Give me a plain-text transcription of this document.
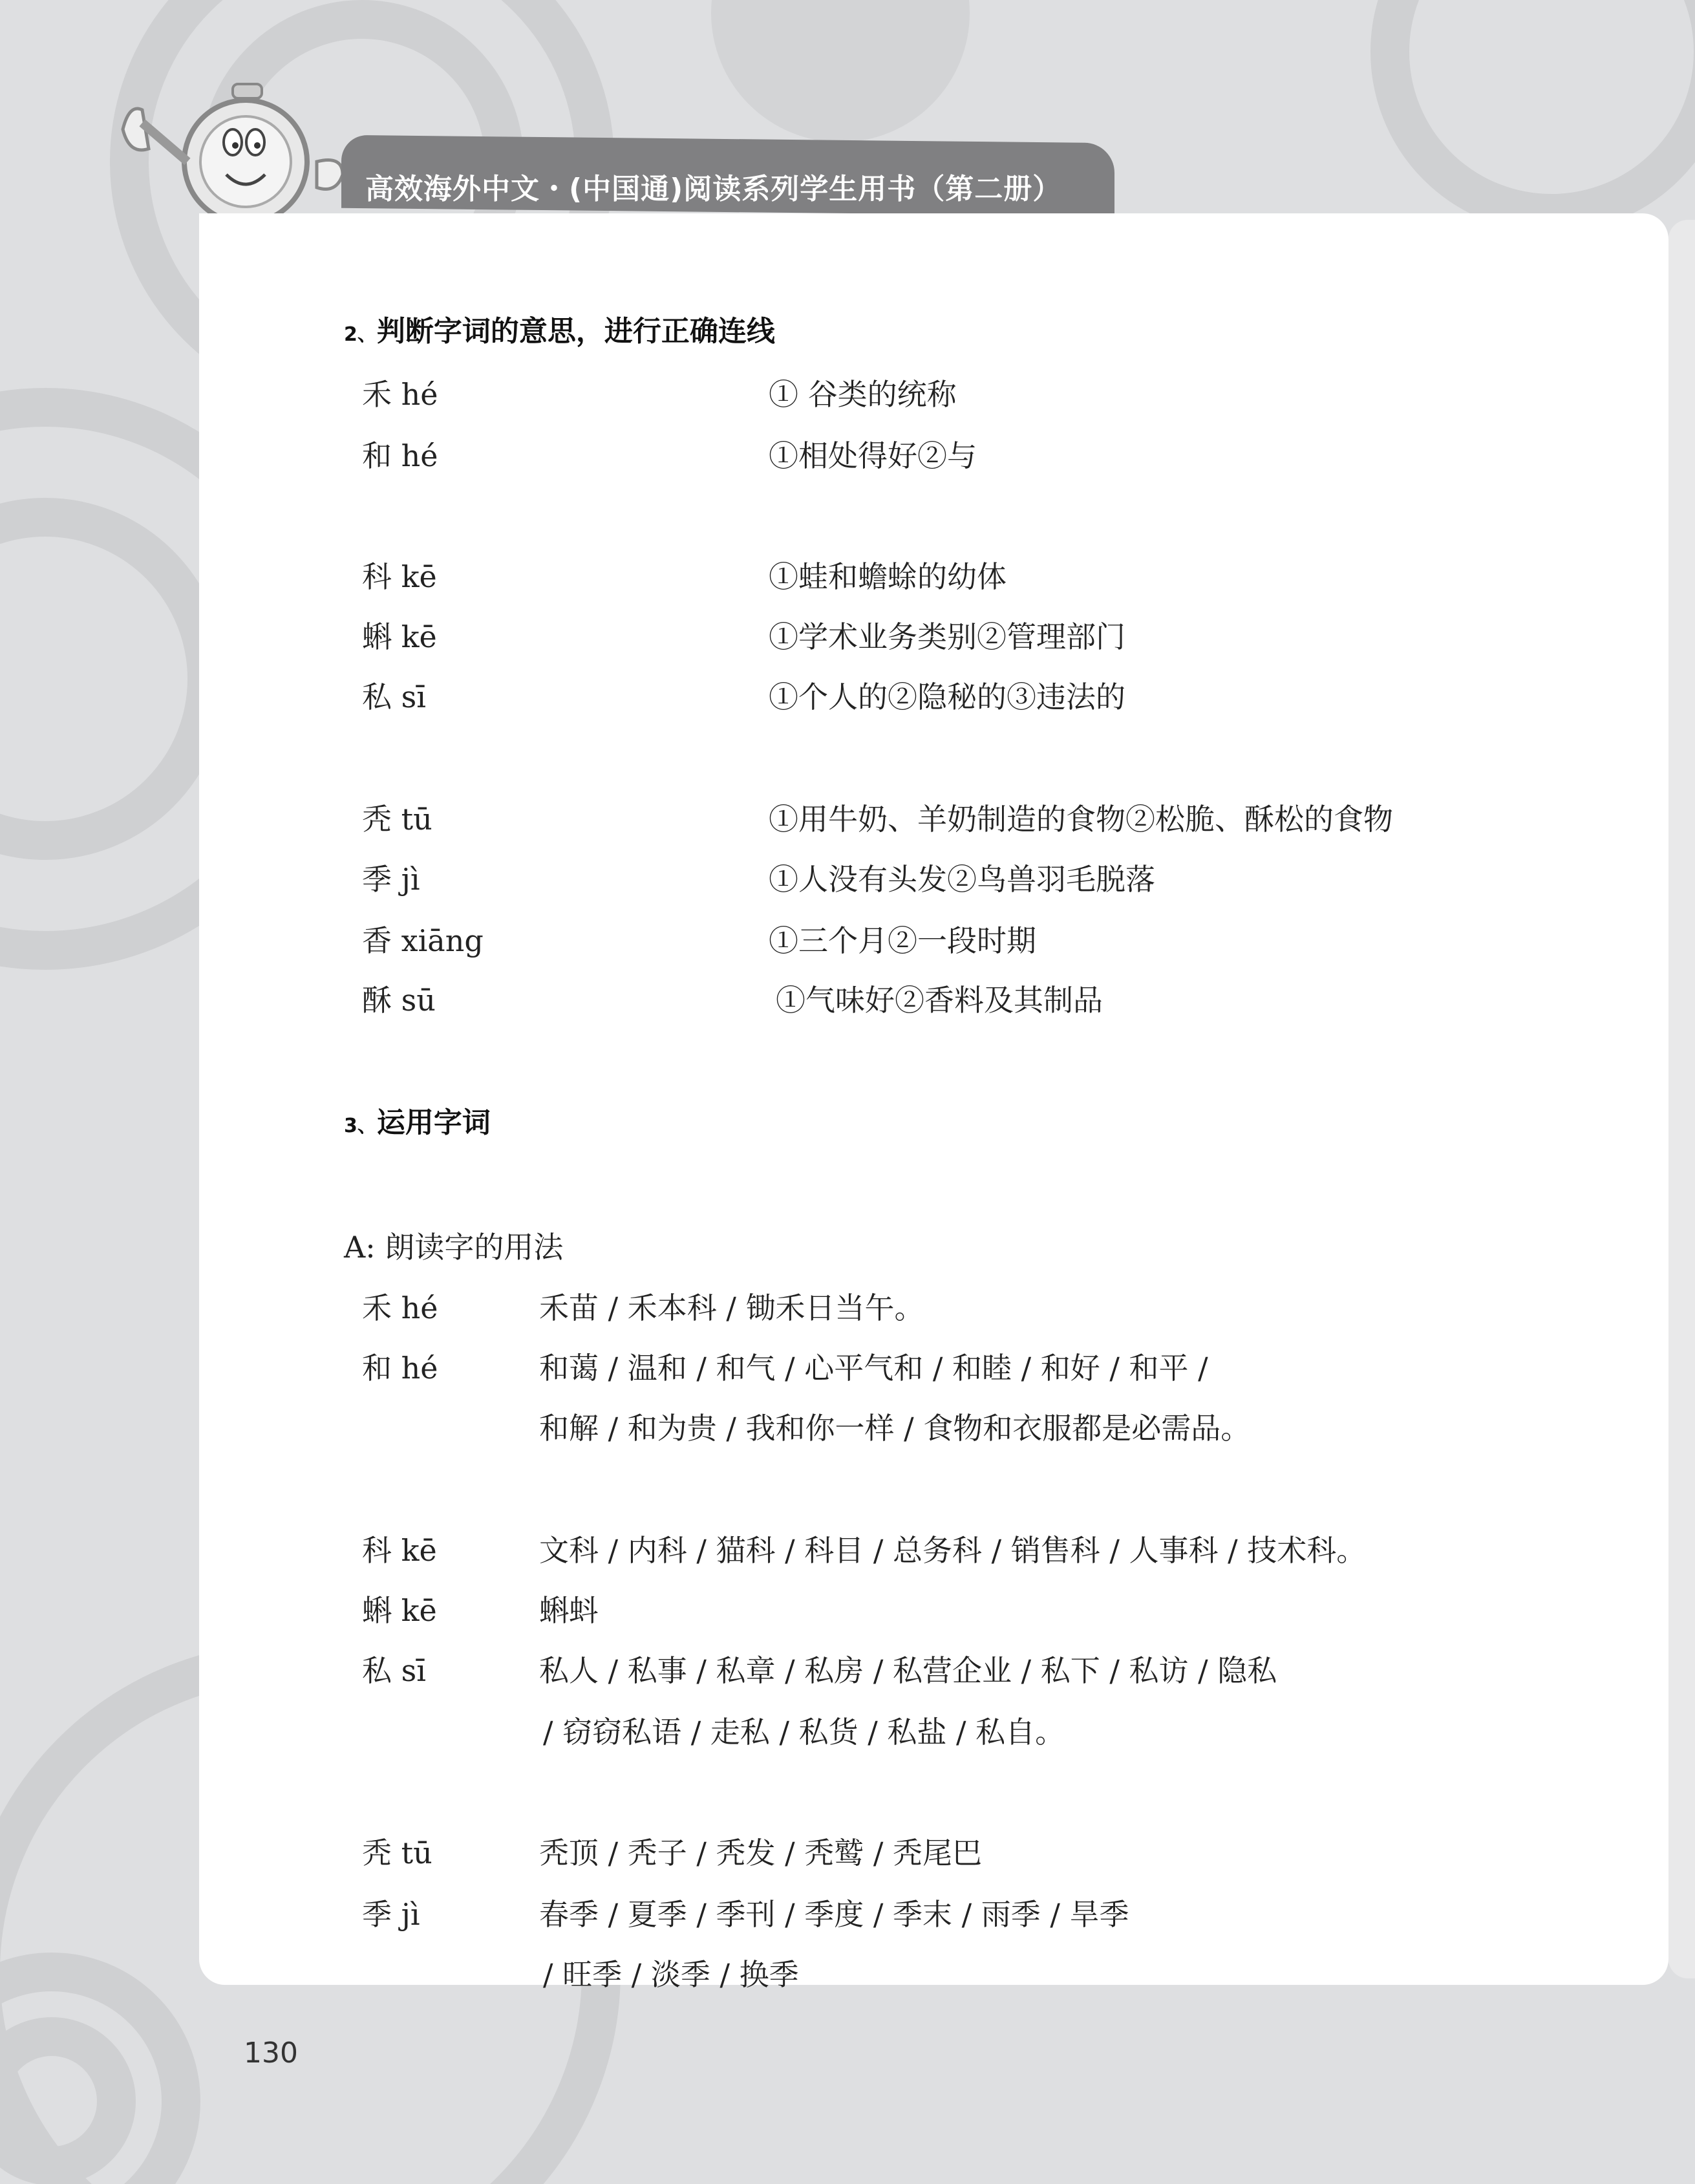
高效海外中文・(中国通)阅读系列学生用书（第二册）
2、判断字词的意思，进行正确连线
禾 hé	① 谷类的统称
和 hé	①相处得好②与
科 kē	①蛙和蟾蜍的幼体
蝌 kē	①学术业务类别②管理部门
私 sī	①个人的②隐秘的③违法的
秃 tū	①用牛奶、羊奶制造的食物②松脆、酥松的食物
季 jì	①人没有头发②鸟兽羽毛脱落
香 xiāng	①三个月②一段时期
酥 sū	①气味好②香料及其制品
3、运用字词
A: 朗读字的用法
禾 hé	禾苗 / 禾本科 / 锄禾日当午。
和 hé	和蔼 / 温和 / 和气 / 心平气和 / 和睦 / 和好 / 和平 /
和解 / 和为贵 / 我和你一样 / 食物和衣服都是必需品。
科 kē	文科 / 内科 / 猫科 / 科目 / 总务科 / 销售科 / 人事科 / 技术科。
蝌 kē	蝌蚪
私 sī	私人 / 私事 / 私章 / 私房 / 私营企业 / 私下 / 私访 / 隐私
/ 窃窃私语 / 走私 / 私货 / 私盐 / 私自。
秃 tū	秃顶 / 秃子 / 秃发 / 秃鹫 / 秃尾巴
季 jì	春季 / 夏季 / 季刊 / 季度 / 季末 / 雨季 / 旱季
/ 旺季 / 淡季 / 换季
130
